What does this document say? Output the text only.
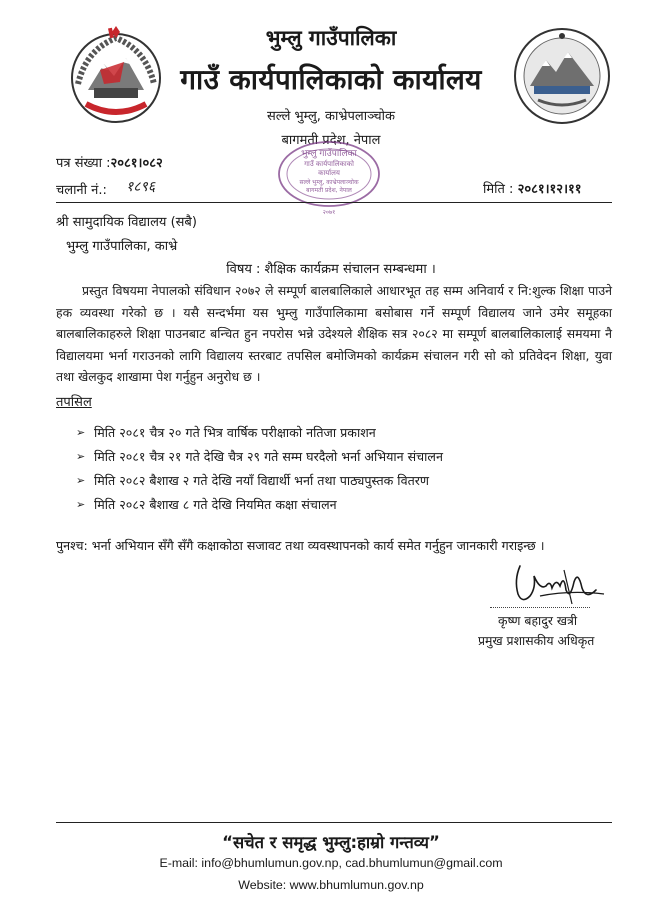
भुम्लु गाउँपालिका
गाउँ कार्यपालिकाको कार्यालय
सल्ले भुम्लु, काभ्रेपलाञ्चोक
बागमती प्रदेश, नेपाल
भुम्लु गाउँपालिका
गाउँ कार्यपालिकाको
कार्यालय
सल्ले भुम्लु, काभ्रेपलाञ्चोक
बागमती प्रदेश, नेपाल
२०७१
पत्र संख्या :२०८१।०८२
चलानी नं.: १८९६	मिति : २०८१।१२।११
श्री सामुदायिक विद्यालय (सबै)
भुम्लु गाउँपालिका, काभ्रे
विषय : शैक्षिक कार्यक्रम संचालन सम्बन्धमा ।

प्रस्तुत विषयमा नेपालको संविधान २०७२ ले सम्पूर्ण बालबालिकाले आधारभूत तह सम्म अनिवार्य र नि:शुल्क शिक्षा पाउने हक व्यवस्था गरेको छ । यसै सन्दर्भमा यस भुम्लु गाउँपालिकामा बसोबास गर्ने सम्पूर्ण विद्यालय जाने उमेर समूहका बालबालिकाहरुले शिक्षा पाउनबाट बन्चित हुन नपरोस भन्ने उदेश्यले शैक्षिक सत्र २०८२ मा सम्पूर्ण बालबालिकालाई समयमा नै विद्यालयमा भर्ना गराउनको लागि विद्यालय स्तरबाट तपसिल बमोजिमको कार्यक्रम संचालन गरी सो को प्रतिवेदन शिक्षा, युवा तथा खेलकुद शाखामा पेश गर्नुहुन अनुरोध छ ।

तपसिल
➢ मिति २०८१ चैत्र २० गते भित्र वार्षिक परीक्षाको नतिजा प्रकाशन
➢ मिति २०८१ चैत्र २१ गते देखि चैत्र २९ गते सम्म घरदैलो भर्ना अभियान संचालन
➢ मिति २०८२ बैशाख २ गते देखि नयाँ विद्यार्थी भर्ना तथा पाठ्यपुस्तक वितरण
➢ मिति २०८२ बैशाख ८ गते देखि नियमित कक्षा संचालन
पुनश्च: भर्ना अभियान सँगै सँगै कक्षाकोठा सजावट तथा व्यवस्थापनको कार्य समेत गर्नुहुन जानकारी गराइन्छ ।
कृष्ण बहादुर खत्री
प्रमुख प्रशासकीय अधिकृत
“सचेत र समृद्ध भुम्लु:हाम्रो गन्तव्य”
E-mail: info@bhumlumun.gov.np, cad.bhumlumun@gmail.com
Website: www.bhumlumun.gov.np
